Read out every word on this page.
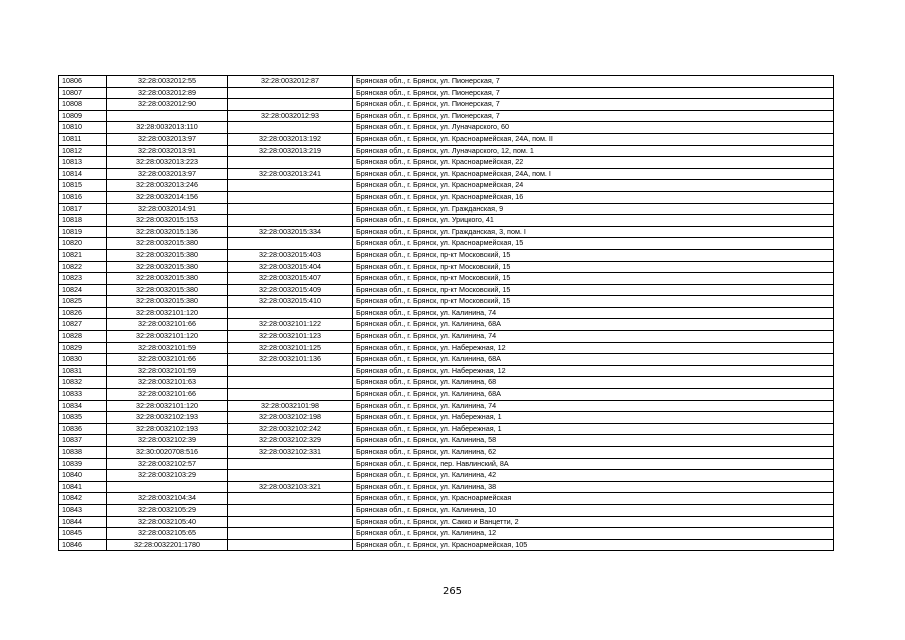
10806	32:28:0032012:55	32:28:0032012:87	Брянская обл., г. Брянск, ул. Пионерская, 7
10807	32:28:0032012:89		Брянская обл., г. Брянск, ул. Пионерская, 7
10808	32:28:0032012:90		Брянская обл., г. Брянск, ул. Пионерская, 7
10809		32:28:0032012:93	Брянская обл., г. Брянск, ул. Пионерская, 7
10810	32:28:0032013:110		Брянская обл., г. Брянск, ул. Луначарского, 60
10811	32:28:0032013:97	32:28:0032013:192	Брянская обл., г. Брянск, ул. Красноармейская, 24А, пом. II
10812	32:28:0032013:91	32:28:0032013:219	Брянская обл., г. Брянск, ул. Луначарского, 12, пом. 1
10813	32:28:0032013:223		Брянская обл., г. Брянск, ул. Красноармейская, 22
10814	32:28:0032013:97	32:28:0032013:241	Брянская обл., г. Брянск, ул. Красноармейская, 24А, пом. I
10815	32:28:0032013:246		Брянская обл., г. Брянск, ул. Красноармейская, 24
10816	32:28:0032014:156		Брянская обл., г. Брянск, ул. Красноармейская, 16
10817	32:28:0032014:91		Брянская обл., г. Брянск, ул. Гражданская, 9
10818	32:28:0032015:153		Брянская обл., г. Брянск, ул. Урицкого, 41
10819	32:28:0032015:136	32:28:0032015:334	Брянская обл., г. Брянск, ул. Гражданская, 3, пом. I
10820	32:28:0032015:380		Брянская обл., г. Брянск, ул. Красноармейская, 15
10821	32:28:0032015:380	32:28:0032015:403	Брянская обл., г. Брянск, пр-кт Московский, 15
10822	32:28:0032015:380	32:28:0032015:404	Брянская обл., г. Брянск, пр-кт Московский, 15
10823	32:28:0032015:380	32:28:0032015:407	Брянская обл., г. Брянск, пр-кт Московский, 15
10824	32:28:0032015:380	32:28:0032015:409	Брянская обл., г. Брянск, пр-кт Московский, 15
10825	32:28:0032015:380	32:28:0032015:410	Брянская обл., г. Брянск, пр-кт Московский, 15
10826	32:28:0032101:120		Брянская обл., г. Брянск, ул. Калинина, 74
10827	32:28:0032101:66	32:28:0032101:122	Брянская обл., г. Брянск, ул. Калинина, 68А
10828	32:28:0032101:120	32:28:0032101:123	Брянская обл., г. Брянск, ул. Калинина, 74
10829	32:28:0032101:59	32:28:0032101:125	Брянская обл., г. Брянск, ул. Набережная, 12
10830	32:28:0032101:66	32:28:0032101:136	Брянская обл., г. Брянск, ул. Калинина, 68А
10831	32:28:0032101:59		Брянская обл., г. Брянск, ул. Набережная, 12
10832	32:28:0032101:63		Брянская обл., г. Брянск, ул. Калинина, 68
10833	32:28:0032101:66		Брянская обл., г. Брянск, ул. Калинина, 68А
10834	32:28:0032101:120	32:28:0032101:98	Брянская обл., г. Брянск, ул. Калинина, 74
10835	32:28:0032102:193	32:28:0032102:198	Брянская обл., г. Брянск, ул. Набережная, 1
10836	32:28:0032102:193	32:28:0032102:242	Брянская обл., г. Брянск, ул. Набережная, 1
10837	32:28:0032102:39	32:28:0032102:329	Брянская обл., г. Брянск, ул. Калинина, 58
10838	32:30:0020708:516	32:28:0032102:331	Брянская обл., г. Брянск, ул. Калинина, 62
10839	32:28:0032102:57		Брянская обл., г. Брянск, пер. Навлинский, 8А
10840	32:28:0032103:29		Брянская обл., г. Брянск, ул. Калинина, 42
10841		32:28:0032103:321	Брянская обл., г. Брянск, ул. Калинина, 38
10842	32:28:0032104:34		Брянская обл., г. Брянск, ул. Красноармейская
10843	32:28:0032105:29		Брянская обл., г. Брянск, ул. Калинина, 10
10844	32:28:0032105:40		Брянская обл., г. Брянск, ул. Сакко и Ванцетти, 2
10845	32:28:0032105:65		Брянская обл., г. Брянск, ул. Калинина, 12
10846	32:28:0032201:1780		Брянская обл., г. Брянск, ул. Красноармейская, 105
265
